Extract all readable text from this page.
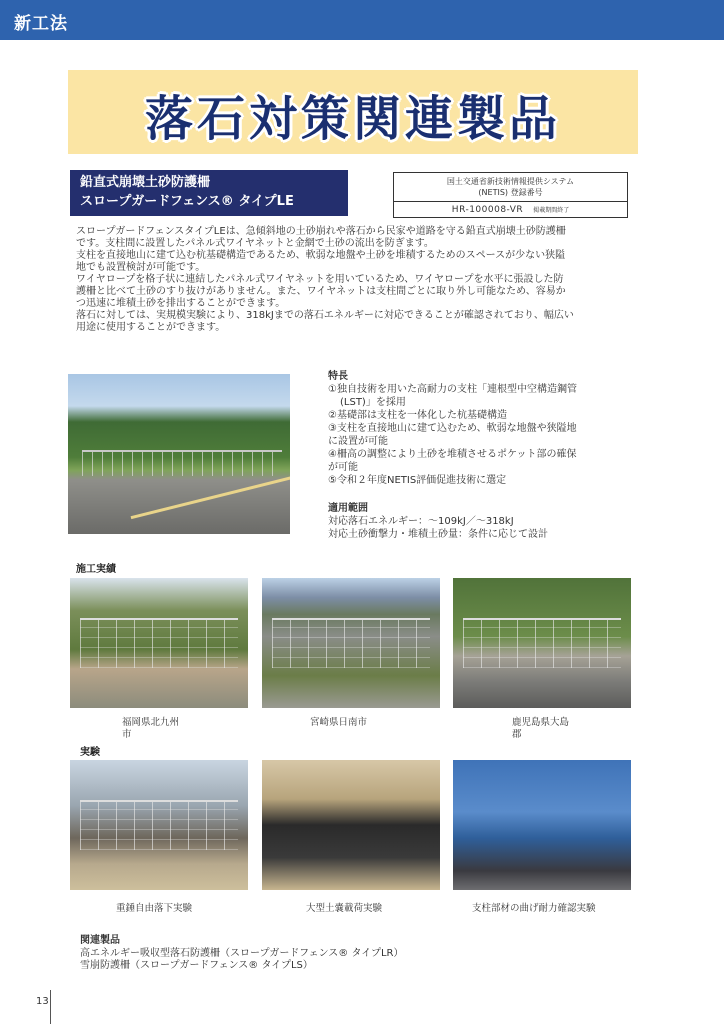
新工法
落石対策関連製品
鉛直式崩壊土砂防護柵
スロープガードフェンス® タイプLE
国土交通省新技術情報提供システム
(NETIS) 登録番号
HR-100008-VR 掲載期間終了

スロープガードフェンスタイプLEは、急傾斜地の土砂崩れや落石から民家や道路を守る鉛直式崩壊土砂防護柵

です。支柱間に設置したパネル式ワイヤネットと金網で土砂の流出を防ぎます。

支柱を直接地山に建て込む杭基礎構造であるため、軟弱な地盤や土砂を堆積するためのスペースが少ない狭隘

地でも設置検討が可能です。

ワイヤロープを格子状に連結したパネル式ワイヤネットを用いているため、ワイヤロープを水平に張設した防

護柵と比べて土砂のすり抜けがありません。また、ワイヤネットは支柱間ごとに取り外し可能なため、容易か

つ迅速に堆積土砂を排出することができます。

落石に対しては、実規模実験により、318kJまでの落石エネルギーに対応できることが確認されており、幅広い

用途に使用することができます。

特長
①独自技術を用いた高耐力の支柱「連根型中空構造鋼管
(LST)」を採用
②基礎部は支柱を一体化した杭基礎構造
③支柱を直接地山に建て込むため、軟弱な地盤や狭隘地
に設置が可能
④柵高の調整により土砂を堆積させるポケット部の確保
が可能
⑤令和２年度NETIS評価促進技術に選定
適用範囲
対応落石エネルギー：～109kJ／～318kJ
対応土砂衝撃力・堆積土砂量：条件に応じて設計
施工実績
福岡県北九州
市
宮崎県日南市	鹿児島県大島
郡
実験
重錘自由落下実験	大型土嚢載荷実験	支柱部材の曲げ耐力確認実験
関連製品
高エネルギー吸収型落石防護柵（スロープガードフェンス® タイプLR）
雪崩防護柵（スロープガードフェンス® タイプLS）
13
